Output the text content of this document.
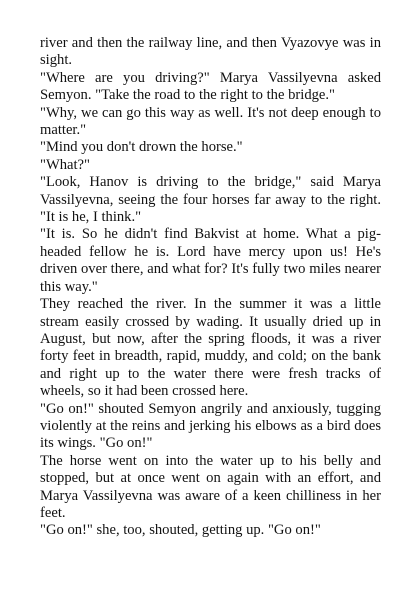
river and then the railway line, and then Vyazovye was in sight.

"Where are you driving?" Marya Vassilyevna asked Semyon. "Take the road to the right to the bridge."

"Why, we can go this way as well. It's not deep enough to matter."

"Mind you don't drown the horse."

"What?"

"Look, Hanov is driving to the bridge," said Marya Vassilyevna, seeing the four horses far away to the right. "It is he, I think."

"It is. So he didn't find Bakvist at home. What a pig-headed fellow he is. Lord have mercy upon us! He's driven over there, and what for? It's fully two miles nearer this way."

They reached the river. In the summer it was a little stream easily crossed by wading. It usually dried up in August, but now, after the spring floods, it was a river forty feet in breadth, rapid, muddy, and cold; on the bank and right up to the water there were fresh tracks of wheels, so it had been crossed here.

"Go on!" shouted Semyon angrily and anxiously, tugging violently at the reins and jerking his elbows as a bird does its wings. "Go on!"

The horse went on into the water up to his belly and stopped, but at once went on again with an effort, and Marya Vassilyevna was aware of a keen chilliness in her feet.

"Go on!" she, too, shouted, getting up. "Go on!"
